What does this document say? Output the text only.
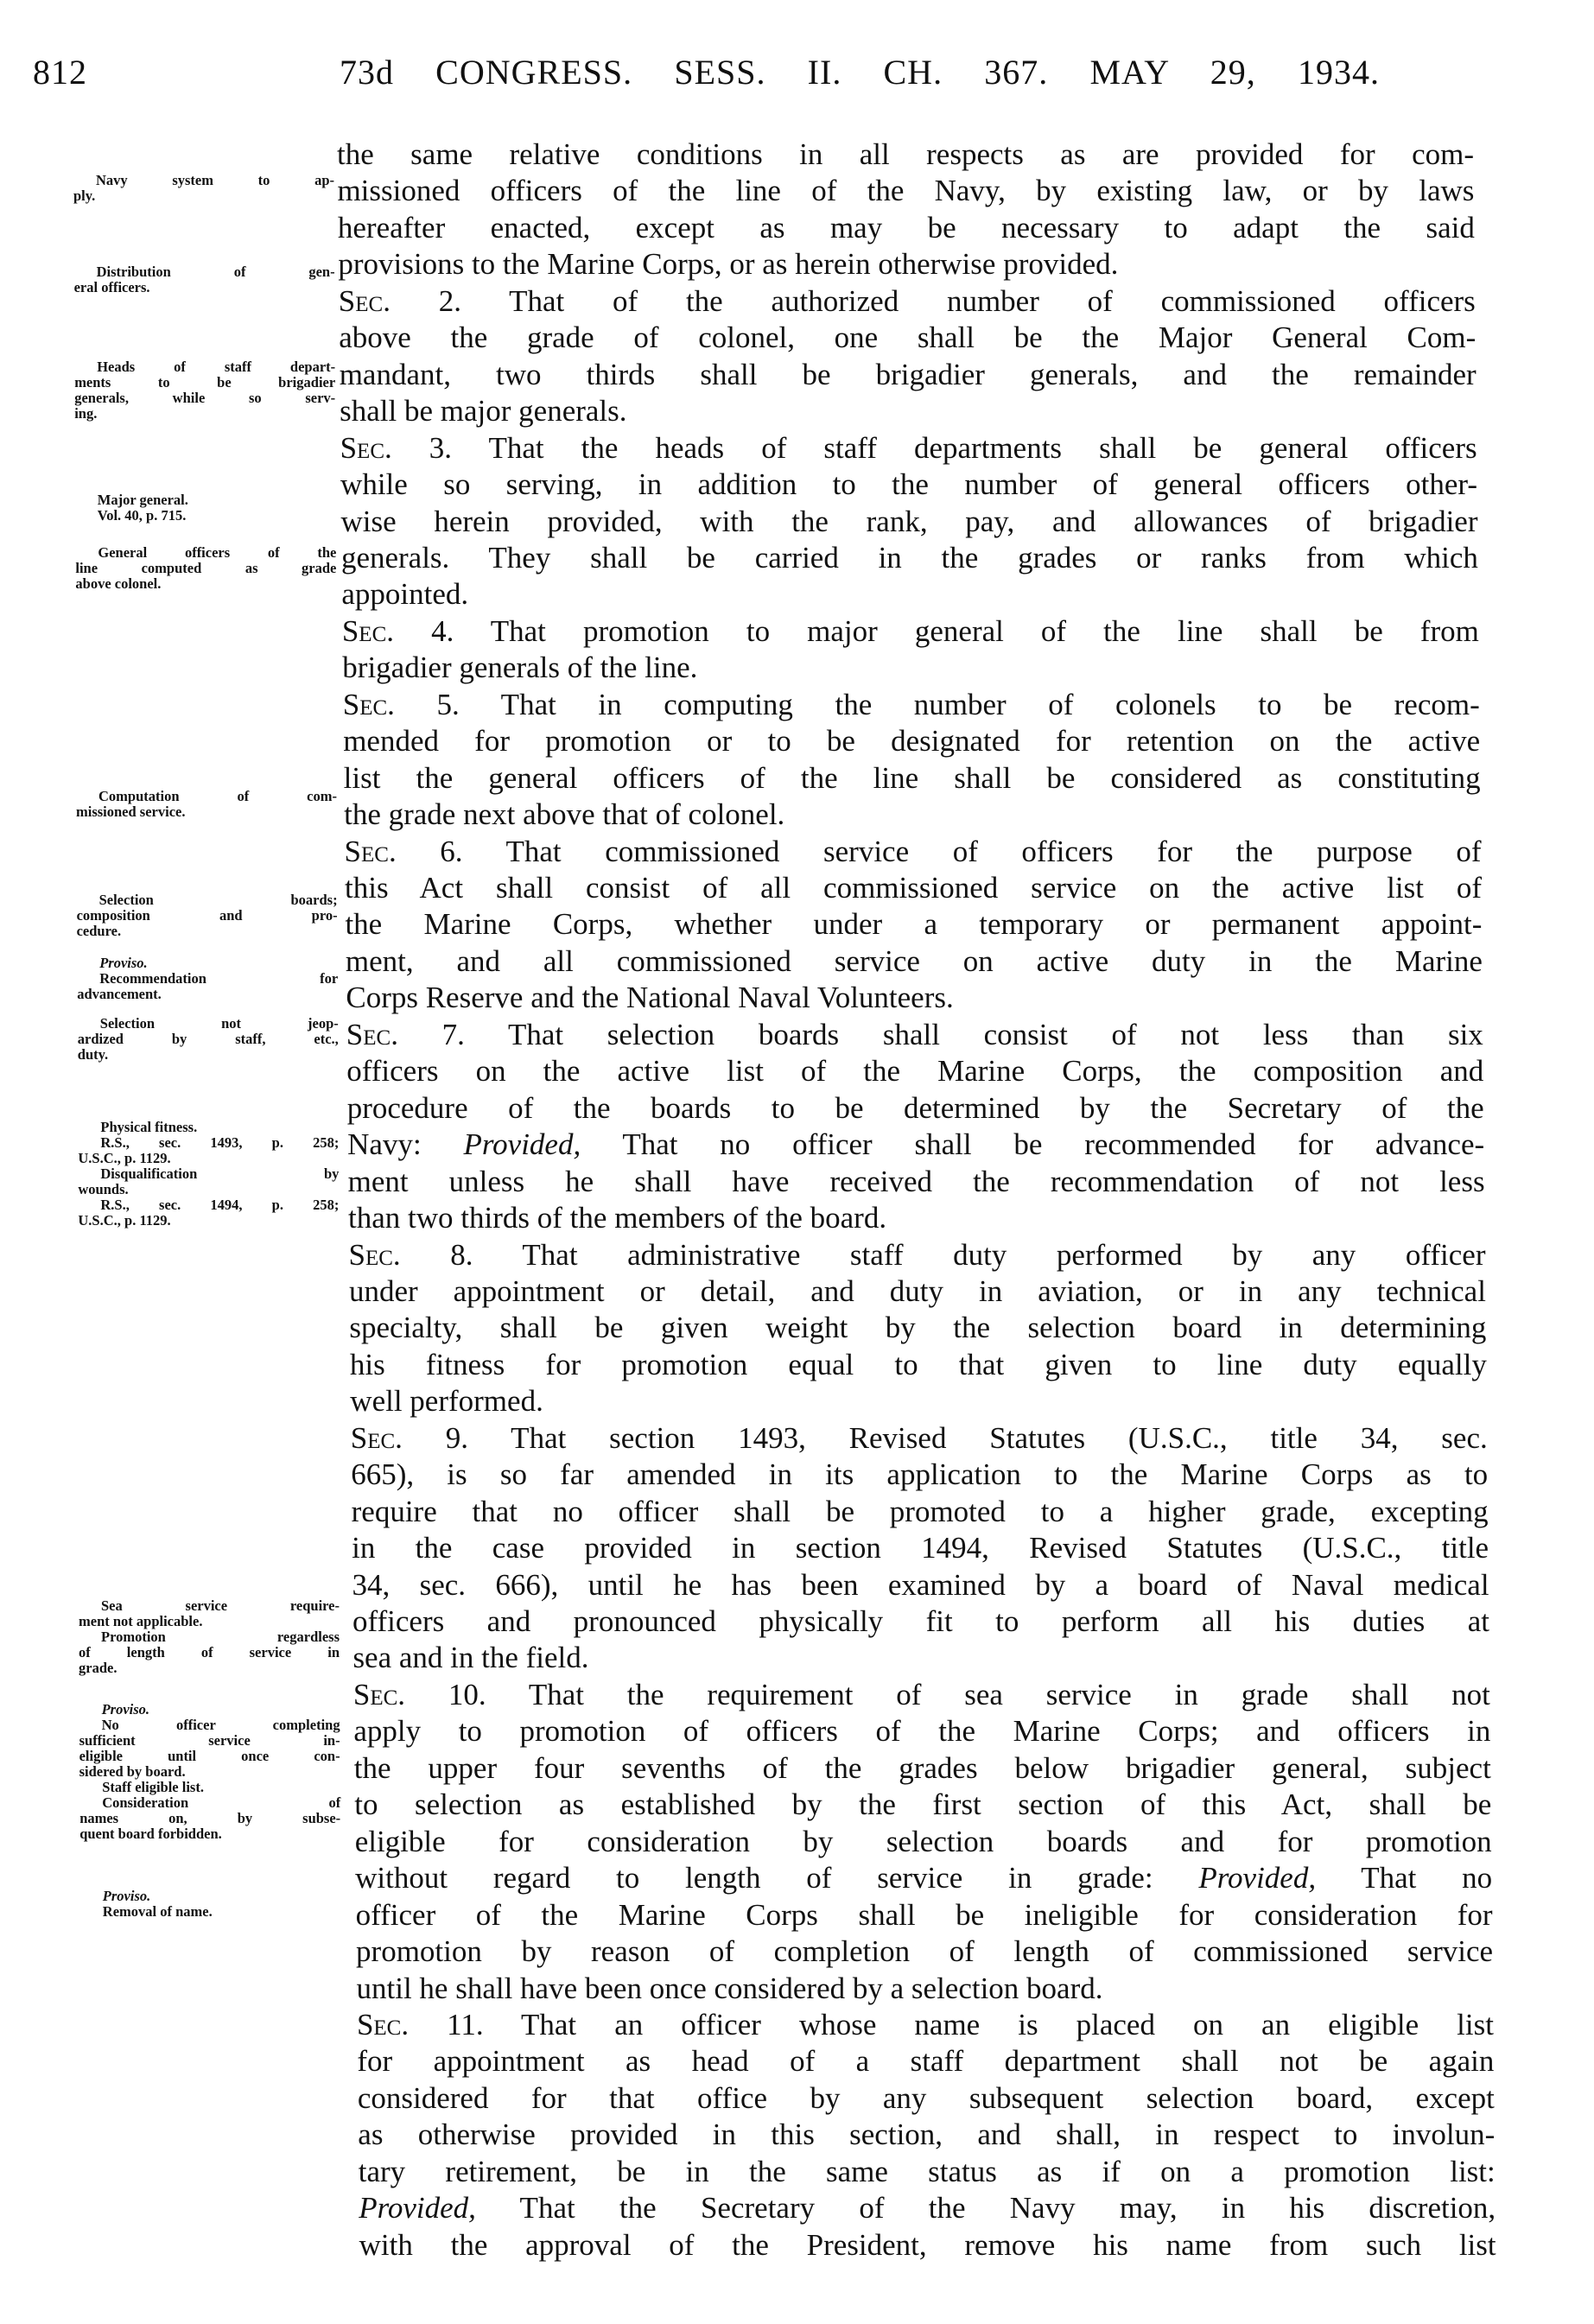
812	73d CONGRESS. SESS. II. CH. 367. MAY 29, 1934.
the same relative conditions in all respects as are provided for com-
missioned officers of the line of the Navy, by existing law, or by laws
hereafter enacted, except as may be necessary to adapt the said
provisions to the Marine Corps, or as herein otherwise provided.
Sec. 2. That of the authorized number of commissioned officers
above the grade of colonel, one shall be the Major General Com-
mandant, two thirds shall be brigadier generals, and the remainder
shall be major generals.
Sec. 3. That the heads of staff departments shall be general officers
while so serving, in addition to the number of general officers other-
wise herein provided, with the rank, pay, and allowances of brigadier
generals. They shall be carried in the grades or ranks from which
appointed.
Sec. 4. That promotion to major general of the line shall be from
brigadier generals of the line.
Sec. 5. That in computing the number of colonels to be recom-
mended for promotion or to be designated for retention on the active
list the general officers of the line shall be considered as constituting
the grade next above that of colonel.
Sec. 6. That commissioned service of officers for the purpose of
this Act shall consist of all commissioned service on the active list of
the Marine Corps, whether under a temporary or permanent appoint-
ment, and all commissioned service on active duty in the Marine
Corps Reserve and the National Naval Volunteers.
Sec. 7. That selection boards shall consist of not less than six
officers on the active list of the Marine Corps, the composition and
procedure of the boards to be determined by the Secretary of the
Navy: Provided, That no officer shall be recommended for advance-
ment unless he shall have received the recommendation of not less
than two thirds of the members of the board.
Sec. 8. That administrative staff duty performed by any officer
under appointment or detail, and duty in aviation, or in any technical
specialty, shall be given weight by the selection board in determining
his fitness for promotion equal to that given to line duty equally
well performed.
Sec. 9. That section 1493, Revised Statutes (U.S.C., title 34, sec.
665), is so far amended in its application to the Marine Corps as to
require that no officer shall be promoted to a higher grade, excepting
in the case provided in section 1494, Revised Statutes (U.S.C., title
34, sec. 666), until he has been examined by a board of Naval medical
officers and pronounced physically fit to perform all his duties at
sea and in the field.
Sec. 10. That the requirement of sea service in grade shall not
apply to promotion of officers of the Marine Corps; and officers in
the upper four sevenths of the grades below brigadier general, subject
to selection as established by the first section of this Act, shall be
eligible for consideration by selection boards and for promotion
without regard to length of service in grade: Provided, That no
officer of the Marine Corps shall be ineligible for consideration for
promotion by reason of completion of length of commissioned service
until he shall have been once considered by a selection board.
Sec. 11. That an officer whose name is placed on an eligible list
for appointment as head of a staff department shall not be again
considered for that office by any subsequent selection board, except
as otherwise provided in this section, and shall, in respect to involun-
tary retirement, be in the same status as if on a promotion list:
Provided, That the Secretary of the Navy may, in his discretion,
with the approval of the President, remove his name from such list
Navy system to ap-
ply.
Distribution of gen-
eral officers.
Heads of staff depart-
ments to be brigadier
generals, while so serv-
ing.
Major general.
Vol. 40, p. 715.
General officers of the
line computed as grade
above colonel.
Computation of com-
missioned service.
Selection boards;
composition and pro-
cedure.
Proviso.
Recommendation for
advancement.
Selection not jeop-
ardized by staff, etc.,
duty.
Physical fitness.
R.S., sec. 1493, p. 258;
U.S.C., p. 1129.
Disqualification by
wounds.
R.S., sec. 1494, p. 258;
U.S.C., p. 1129.
Sea service require-
ment not applicable.
Promotion regardless
of length of service in
grade.
Proviso.
No officer completing
sufficient service in-
eligible until once con-
sidered by board.
Staff eligible list.
Consideration of
names on, by subse-
quent board forbidden.
Proviso.
Removal of name.
